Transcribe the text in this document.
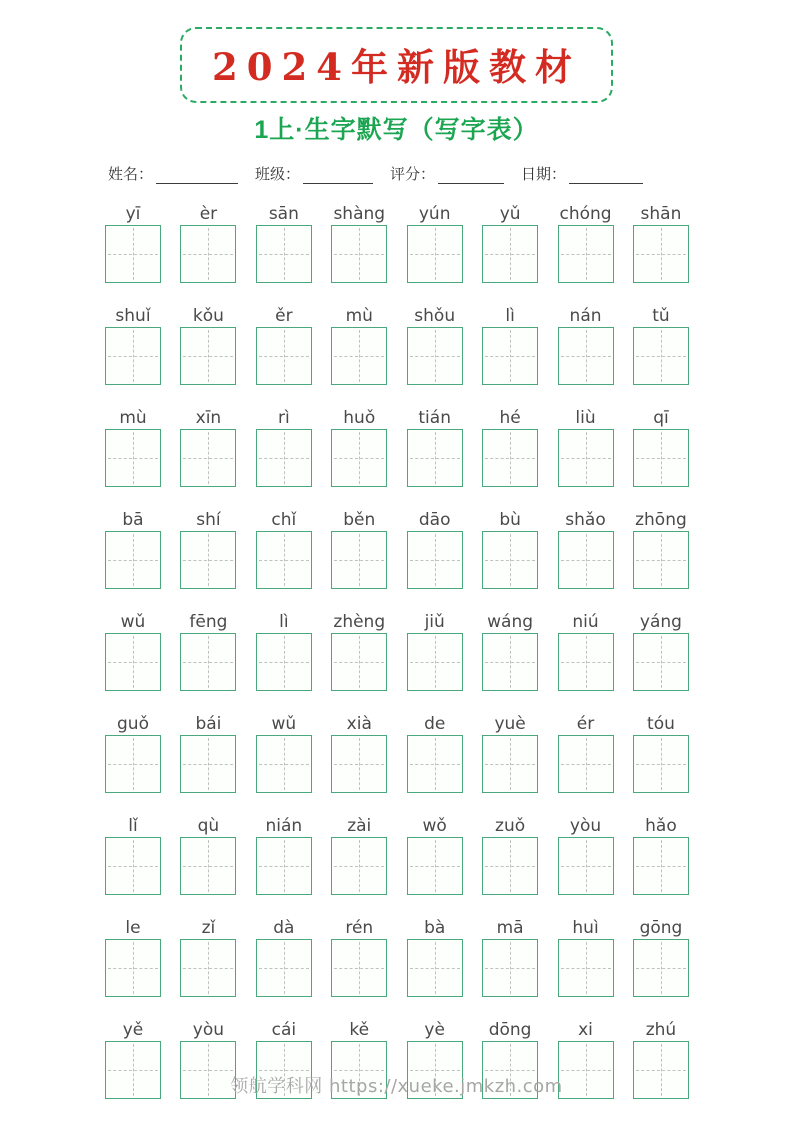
2024年新版教材
1上·生字默写（写字表）
姓名：	班级：	评分：	日期：
yī	èr	sān shàng yún	yǔ chóng shān
shuǐ kǒu	ěr	mù shǒu	lì	nán	tǔ
mù	xīn	rì	huǒ	tián	hé	liù	qī
bā	shí	chǐ	běn	dāo	bù	shǎo zhōng
wǔ	fēng	lì	zhèng jiǔ wáng niú yáng
guǒ	bái	wǔ	xià	de	yuè	ér	tóu
lǐ	qù	nián	zài	wǒ	zuǒ	yòu	hǎo
le	zǐ	dà	rén	bà	mā	huì gōng
yě	yòu	cái	kě	yè	dōng	xi	zhú
领航学科网 https://xueke.jmkzh.com
